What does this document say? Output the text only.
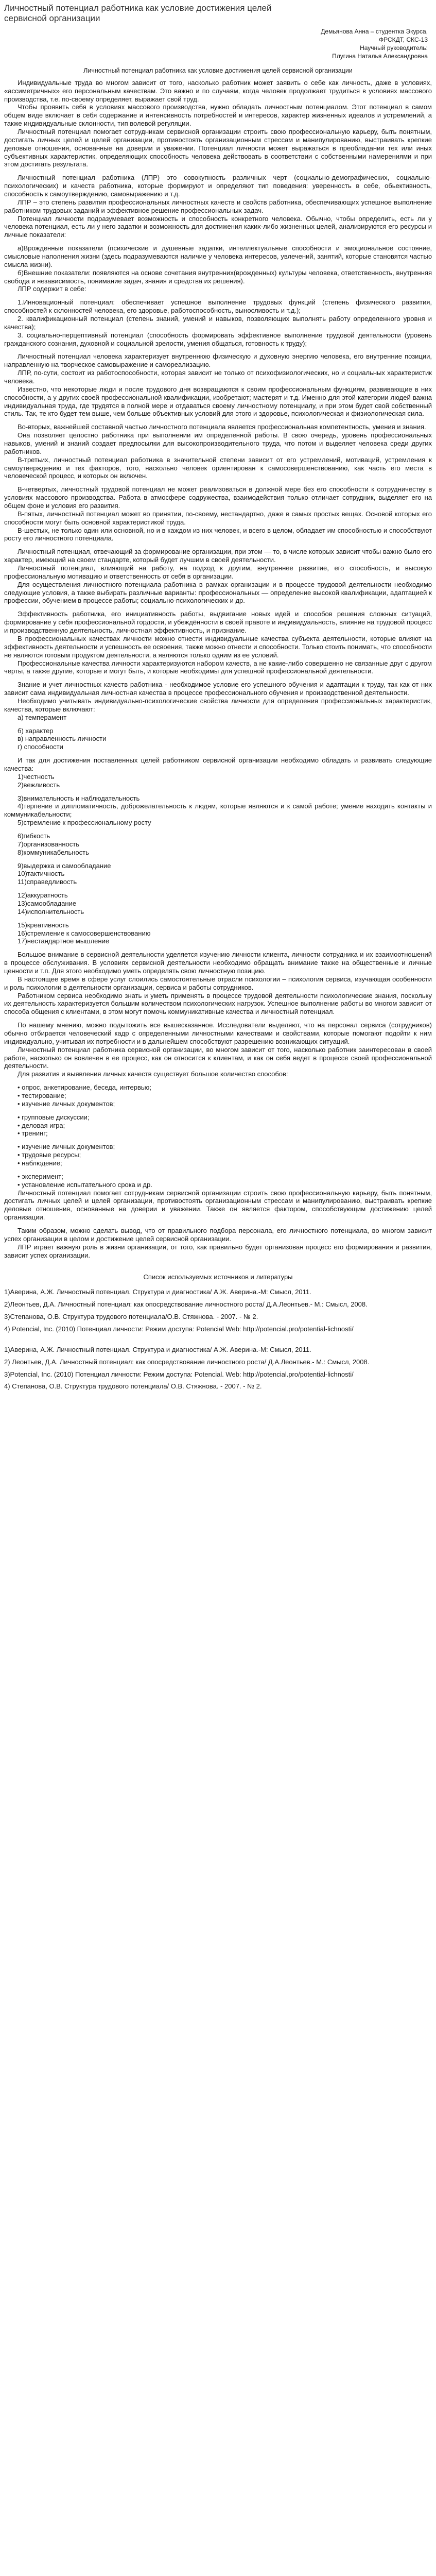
Личностный потенциал работника как условие достижения целей сервисной организации
Демьянова Анна – студентка Экурса,
ФРСКДТ, СКС-13
Научный руководитель:
Плугина Наталья Александровна
Личностный потенциал работника как условие достижения целей сервисной организации

Индивидуальные труда во многом зависит от того, насколько работник может заявить о себе как личность, даже в условиях, «ассиметричных» его персональным качествам. Это важно и по случаям, когда человек продолжает трудиться в условиях массового производства, т.е. по-своему определяет, выражает свой труд.

Чтобы проявить себя в условиях массового производства, нужно обладать личностным потенциалом. Этот потенциал в самом общем виде включает в себя содержание и интенсивность потребностей и интересов, характер жизненных идеалов и устремлений, а также индивидуальные склонности, тип волевой регуляции.

Личностный потенциал помогает сотрудникам сервисной организации строить свою профессиональную карьеру, быть понятным, достигать личных целей и целей организации, противостоять организационным стрессам и манипулированию, выстраивать крепкие деловые отношения, основанные на доверии и уважении. Потенциал личности может выражаться в преобладании тех или иных субъективных характеристик, определяющих способность человека действовать в соответствии с собственными намерениями и при этом достигать результата.

Личностный потенциал работника (ЛПР) это совокупность различных черт (социально-демографических, социально-психологических) и качеств работника, которые формируют и определяют тип поведения: уверенность в себе, обьективность, способность к самоутверждению, самовыражению и т.д.

ЛПР – это степень развития профессиональных личностных качеств и свойств работника, обеспечивающих успешное выполнение работником трудовых заданий и эффективное решение профессиональных задач.

Потенциал личности подразумевает возможность и способность конкретного человека. Обычно, чтобы определить, есть ли у человека потенциал, есть ли у него задатки и возможность для достижения каких-либо жизненных целей, анализируются его ресурсы и личные показатели:

а)Врожденные показатели (психические и душевные задатки, интеллектуальные способности и эмоциональное состояние, смысловые наполнения жизни (здесь подразумеваются наличие у человека интересов, увлечений, занятий, которые становятся частью смысла жизни).

б)Внешние показатели: появляются на основе сочетания внутренних(врожденных) культуры человека, ответственность, внутренняя свобода и независимость, понимание задач, знания и средства их решения).

ЛПР содержит в себе:

1.Инновационный потенциал: обеспечивает успешное выполнение трудовых функций (степень физического развития, способностей к склонностей человека, его здоровье, работоспособность, выносливость и т.д.);

2. квалификационный потенциал (степень знаний, умений и навыков, позволяющих выполнять работу определенного уровня и качества);

3. социально-перцептивный потенциал (способность формировать эффективное выполнение трудовой деятельности (уровень гражданского сознания, духовной и социальной зрелости, умения общаться, готовность к труду);

Личностный потенциал человека характеризует внутреннюю физическую и духовную энергию человека, его внутренние позиции, направленную на творческое самовыражение и самореализацию.

ЛПР, по-сути, состоит из работоспособности, которая зависит не только от психофизиологических, но и социальных характеристик человека.

Известно, что некоторые люди и после трудового дня возвращаются к своим профессиональным функциям, развивающие в них способности, а у других своей профессиональной квалификации, изобретают; мастерят и т.д. Именно для этой категории людей важна индивидуальная труда, где трудятся в полной мере и отдаваться своему личностному потенциалу, и при этом будет свой собственный стиль. Так, те кто будет тем выше, чем больше объективных условий для этого и здоровье, психологическая и физиологическая сила.

Во-вторых, важнейшей составной частью личностного потенциала является профессиональная компетентность, умения и знания.

Она позволяет целостно работника при выполнении им определенной работы. В свою очередь, уровень профессиональных навыков, умений и знаний создает предпосылки для высокопроизводительного труда, что потом и выделяет человека среди других работников.

В-третьих, личностный потенциал работника в значительной степени зависит от его устремлений, мотиваций, устремления к самоутверждению и тех факторов, того, наскольно человек ориентирован к самосовершенствованию, как часть его места в человеческой процесс, и которых он включен.

В-четвертых, личностный трудовой потенциал не может реализоваться в должной мере без его способности к сотрудничеству в условиях массового производства. Работа в атмосфере содружества, взаимодействия только отличает сотрудник, выделяет его на общем фоне и условия его развития.

В-пятых, личностный потенциал может во принятии, по-своему, нестандартно, даже в самых простых вещах. Основой которых его способности могут быть основной характеристикой труда.

В-шестых, не только один или основной, но и в каждом из них человек, и всего в целом, обладает им способностью и способствуют росту его личностного потенциала.

Личностный потенциал, отвечающий за формирование организации, при этом — то, в числе которых зависит чтобы важно было его характер, имеющий на своем стандарте, который будет лучшим в своей деятельности.

Личностный потенциал, влияющий на работу, на подход к другим, внутреннее развитие, его способность, и высокую профессиональную мотивацию и ответственность от себя в организации.

Для осуществления личностного потенциала работника в рамках организации и в процессе трудовой деятельности необходимо следующие условия, а также выбирать различные варианты: профессиональных — определение высокой квалификации, адаптацией к профессии, обучением в процессе работы; социально-психологических и др.

Эффективность работника, его инициативность работы, выдвигание новых идей и способов решения сложных ситуаций, формирование у себя профессиональной гордости, и убеждённости в своей правоте и индивидуальность, влияние на трудовой процесс и производственную деятельность, личностная эффективность, и признание.

В профессиональных качествах личности можно отнести индивидуальные качества субъекта деятельности, которые влияют на эффективность деятельности и успешность ее освоения, также можно отнести и способности. Только стоить понимать, что способности не являются готовым продуктом деятельности, а являются только одним из ее условий.

Профессиональные качества личности характеризуются набором качеств, а не какие-либо совершенно не связанные друг с другом черты, а также другие, которые и могут быть, и которые необходимы для успешной профессиональной деятельности.

Знание и учет личностных качеств работника - необходимое условие его успешного обучения и адаптации к труду, так как от них зависит сама индивидуальная личностная качества в процессе профессионального обучения и производственной деятельности.

Необходимо учитывать индивидуально-психологические свойства личности для определения профессиональных характеристик, качества, которые включают:

а) темперамент

б) характер

в) направленность личности

г) способности

И так для достижения поставленных целей работником сервисной организации необходимо обладать и развивать следующие качества:

1)честность

2)вежливость

3)внимательность и наблюдательность

4)терпение и дипломатичность, доброжелательность к людям, которые являются и к самой работе; умение находить контакты и коммуникабельности;

5)стремление к профессиональному росту

6)гибкость

7)организованность

8)коммуникабельность

9)выдержка и самообладание

10)тактичность

11)справедливость

12)аккуратность

13)самообладание

14)исполнительность

15)креативность

16)стремление к самосовершенствованию

17)нестандартное мышление

Большое внимание в сервисной деятельности уделяется изучению личности клиента, личности сотрудника и их взаимоотношений в процессе обслуживания. В условиях сервисной деятельности необходимо обращать внимание также на общественные и личные ценности и т.п. Для этого необходимо уметь определять свою личностную позицию.

В настоящее время в сфере услуг слоились самостоятельные отрасли психологии – психология сервиса, изучающая особенности и роль психологии в деятельности организации, сервиса и работы сотрудников.

Работником сервиса необходимо знать и уметь применять в процессе трудовой деятельности психологические знания, поскольку их деятельность характеризуется большим количеством психологических нагрузок. Успешное выполнение работы во многом зависит от способа общения с клиентами, в этом могут помочь коммуникативные качества и личностный потенциал.

По нашему мнению, можно подытожить все вышесказанное. Исследователи выделяют, что на персонал сервиса (сотрудников) обычно отбирается человеческий кадр с определенными личностными качествами и свойствами, которые помогают подойти к ним индивидуально, учитывая их потребности и в дальнейшем способствуют разрешению возникающих ситуаций.

Личностный потенциал работника сервисной организации, во многом зависит от того, насколько работник заинтересован в своей работе, насколько он вовлечен в ее процесс, как он относится к клиентам, и как он себя ведет в процессе своей профессиональной деятельности.

Для развития и выявления личных качеств существует большое количество способов:

• опрос, анкетирование, беседа, интервью;

• тестирование;

• изучение личных документов;

• групповые дискуссии;

• деловая игра;

• тренинг;

• изучение личных документов;

• трудовые ресурсы;

• наблюдение;

• эксперимент;

• установление испытательного срока и др.

Личностный потенциал помогает сотрудникам сервисной организации строить свою профессиональную карьеру, быть понятным, достигать личных целей и целей организации, противостоять организационным стрессам и манипулированию, выстраивать крепкие деловые отношения, основанные на доверии и уважении. Также он является фактором, способствующим достижению целей организации.

Таким образом, можно сделать вывод, что от правильного подбора персонала, его личностного потенциала, во многом зависит успех организации в целом и достижение целей сервисной организации.

ЛПР играет важную роль в жизни организации, от того, как правильно будет организован процесс его формирования и развития, зависит успех организации.

Список используемых источников и литературы

1)Аверина, А.Ж. Личностный потенциал. Структура и диагностика/ А.Ж. Аверина.-М: Смысл, 2011.

2)Леонтьев, Д.А. Личностный потенциал: как опосредствование личностного роста/ Д.А.Леонтьев.- М.: Смысл, 2008.

3)Степанова, О.В. Структура трудового потенциала/О.В. Стяжнова. - 2007. - № 2.

4) Potencial, Inc. (2010) Потенциал личности: Режим доступа: Potencial Web: http://potencial.pro/potential-lichnosti/

1)Аверина, А.Ж. Личностный потенциал. Структура и диагностика/ А.Ж. Аверина.-М: Смысл, 2011.

2) Леонтьев, Д.А. Личностный потенциал: как опосредствование личностного роста/ Д.А.Леонтьев.- М.: Смысл, 2008.

3)Potencial, Inc. (2010) Потенциал личности: Режим доступа: Potencial. Web: http://potencial.pro/potential-lichnosti/

4) Степанова, О.В. Структура трудового потенциала/ О.В. Стяжнова. - 2007. - № 2.
